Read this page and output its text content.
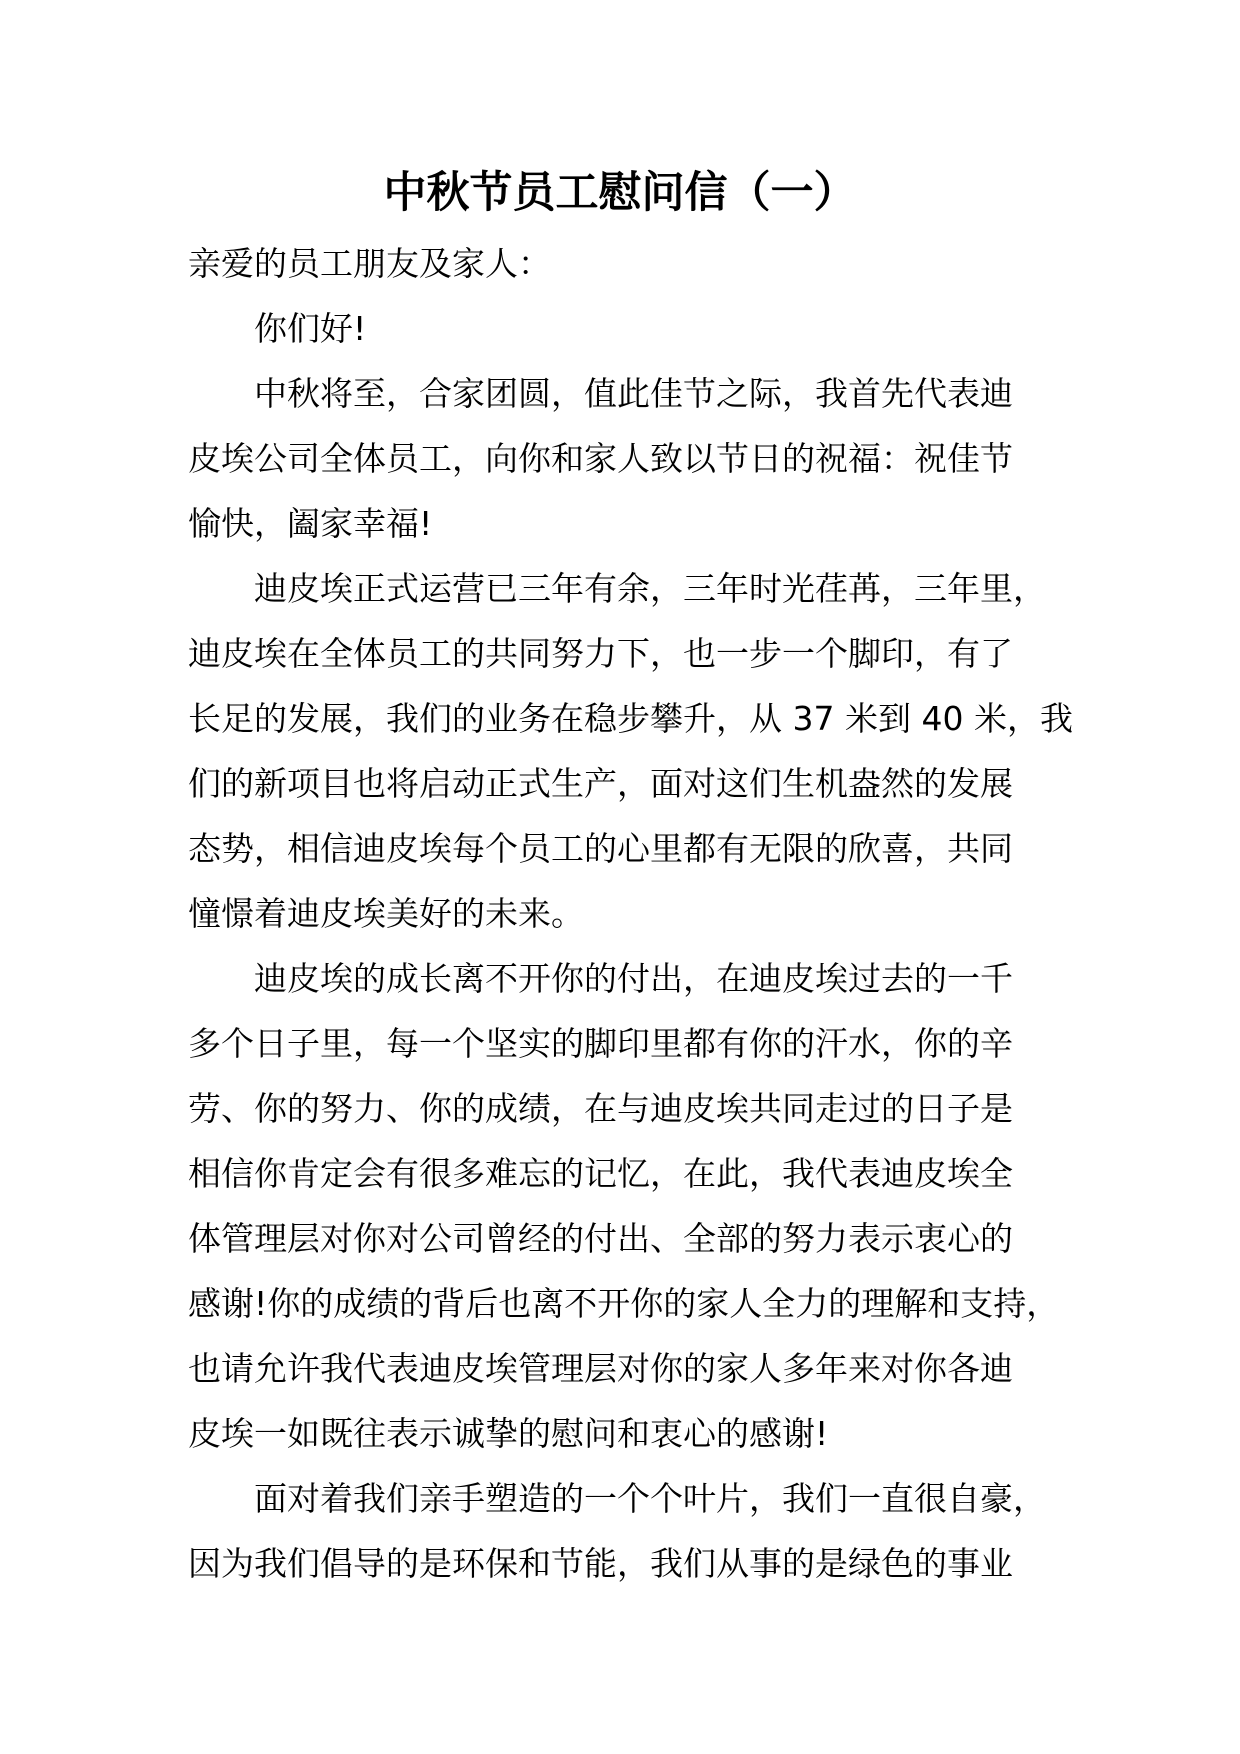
中秋节员工慰问信（一）
亲爱的员工朋友及家人：
你们好!
中秋将至，合家团圆，值此佳节之际，我首先代表迪
皮埃公司全体员工，向你和家人致以节日的祝福：祝佳节
愉快，阖家幸福!
迪皮埃正式运营已三年有余，三年时光荏苒，三年里，
迪皮埃在全体员工的共同努力下，也一步一个脚印，有了
长足的发展，我们的业务在稳步攀升，从 37 米到 40 米，我
们的新项目也将启动正式生产，面对这们生机盎然的发展
态势，相信迪皮埃每个员工的心里都有无限的欣喜，共同
憧憬着迪皮埃美好的未来。
迪皮埃的成长离不开你的付出，在迪皮埃过去的一千
多个日子里，每一个坚实的脚印里都有你的汗水，你的辛
劳、你的努力、你的成绩，在与迪皮埃共同走过的日子是
相信你肯定会有很多难忘的记忆，在此，我代表迪皮埃全
体管理层对你对公司曾经的付出、全部的努力表示衷心的
感谢!你的成绩的背后也离不开你的家人全力的理解和支持，
也请允许我代表迪皮埃管理层对你的家人多年来对你各迪
皮埃一如既往表示诚挚的慰问和衷心的感谢!
面对着我们亲手塑造的一个个叶片，我们一直很自豪，
因为我们倡导的是环保和节能，我们从事的是绿色的事业
